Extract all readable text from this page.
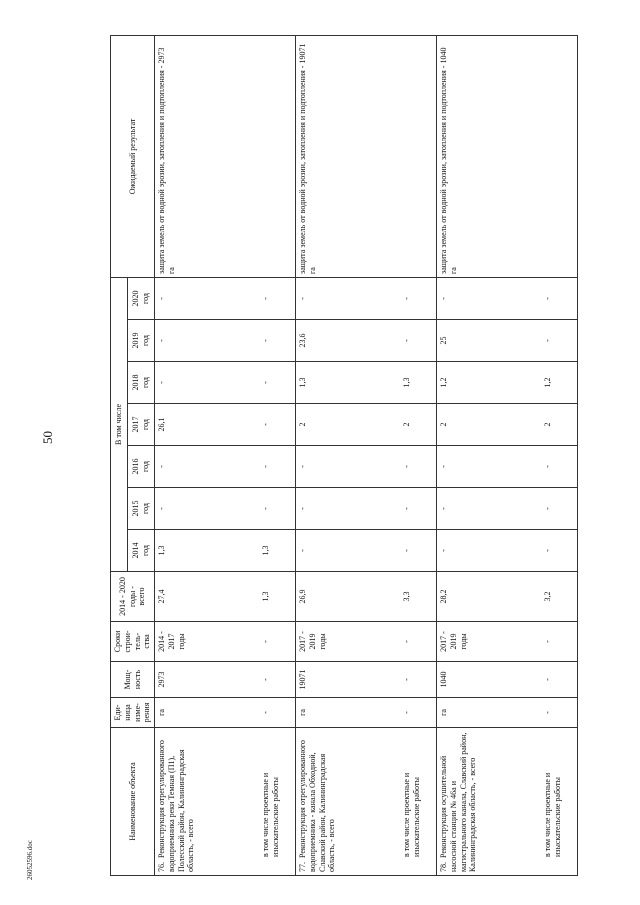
50
26052596.doc
Наименование объекта	Еди-
ница
изме-
рения	Мощ-
ность	Сроки
строи-
тель-
ства	2014 - 2020
годы -
всего	В том числе							Ожидаемый результат
					2014
год	2015
год	2016
год	2017
год	2018
год	2019
год	2020
год	
76.Реконструкция отрегулированного водоприемника реки Темная (П1), Полесский район, Калининградская область, - всего	га	2973	2014 - 2017 годы	27,4	1,3	-	-	26,1	-	-	-	защита земель от водной эрозии, затопления и подтопления - 2973 га
в том числе проектные и изыскательские работы	-	-	-	1,3	1,3	-	-	-	-	-	-	
77.Реконструкция отрегулированного водоприемника - канала Обходной, Славский район, Калининградская область, - всего	га	19071	2017 - 2019 годы	26,9	-	-	-	2	1,3	23,6	-	защита земель от водной эрозии, затопления и подтопления - 19071 га
в том числе проектные и изыскательские работы	-	-	-	3,3	-	-	-	2	1,3	-	-	
78.Реконструкция осушительной насосной станции № 46а и магистрального канала, Славский район, Калининградская область, - всего	га	1040	2017 - 2019 годы	28,2	-	-	-	2	1,2	25	-	защита земель от водной эрозии, затопления и подтопления - 1040 га
в том числе проектные и изыскательские работы	-	-	-	3,2	-	-	-	2	1,2	-	-	
